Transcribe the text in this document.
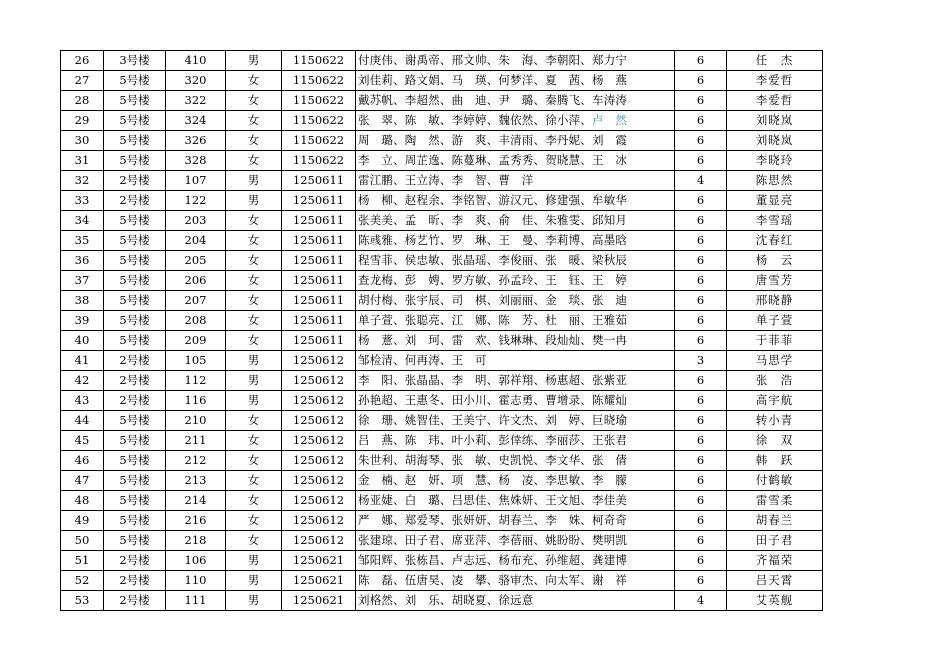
26	3号楼	410	男	1150622	付庚伟、谢禹帝、邢文帅、朱　海、李朝阳、郑力宁	6	任　杰
27	5号楼	320	女	1150622	刘佳莉、路文娟、马　瑛、何梦洋、夏　茜、杨　燕	6	李爱哲
28	5号楼	322	女	1150622	戴苏帆、李超然、曲　迪、尹　璐、秦腾飞、车涛涛	6	李爱哲
29	5号楼	324	女	1150622	张　翠、陈　敏、李婷婷、魏依然、徐小萍、卢　然	6	刘晓岚
30	5号楼	326	女	1150622	周　璐、陶　然、游　爽、丰清雨、李丹妮、刘　霞	6	刘晓岚
31	5号楼	328	女	1150622	李　立、周芷逸、陈蔓琳、孟秀秀、贺晓慧、王　冰	6	李晓玲
32	2号楼	107	男	1250611	雷江鹏、王立涛、李　智、曹　洋	4	陈思然
33	2号楼	122	男	1250611	杨　柳、赵程余、李铭智、游汉元、修建强、牟敏华	6	董显亮
34	5号楼	203	女	1250611	张美美、孟　昕、李　爽、俞　佳、朱雅雯、邱知月	6	李雪瑶
35	5号楼	204	女	1250611	陈彧雅、杨艺竹、罗　琳、王　曼、李莉博、高墨晗	6	沈春红
36	5号楼	205	女	1250611	程雪菲、侯忠敏、张晶瑶、李俊丽、张　暖、梁秋辰	6	杨　云
37	5号楼	206	女	1250611	查龙梅、彭　娉、罗方敏、孙孟玲、王　钰、王　婷	6	唐雪芳
38	5号楼	207	女	1250611	胡付梅、张宇辰、司　棋、刘丽丽、金　琰、张　迪	6	邢晓静
39	5号楼	208	女	1250611	单子萱、张聪亮、江　娜、陈　芳、杜　丽、王雅茹	6	单子萱
40	5号楼	209	女	1250611	杨　薏、刘　珂、雷　欢、钱琳琳、段灿灿、樊一冉	6	于菲菲
41	2号楼	105	男	1250612	邹检清、何再涛、王　可	3	马思学
42	2号楼	112	男	1250612	李　阳、张晶晶、李　明、郭祥翔、杨惠超、张紫亚	6	张　浩
43	2号楼	116	男	1250612	孙艳超、王惠冬、田小川、霍志勇、曹增录、陈耀灿	6	高宇航
44	5号楼	210	女	1250612	徐　珊、姚智佳、王美宁、许文杰、刘　婷、巨晓瑜	6	转小青
45	5号楼	211	女	1250612	吕　燕、陈　玮、叶小莉、彭倖练、李丽莎、王张君	6	徐　双
46	5号楼	212	女	1250612	朱世利、胡海琴、张　敏、史凯悦、李文华、张　倩	6	韩　跃
47	5号楼	213	女	1250612	金　楠、赵　妍、项　慧、杨　凌、李思敏、李　朦	6	付鹤敏
48	5号楼	214	女	1250612	杨亚婕、白　璐、吕思佳、焦姝妍、王文旭、李佳美	6	雷雪柔
49	5号楼	216	女	1250612	严　娜、郑爱琴、张妍妍、胡春兰、李　姝、柯奇奇	6	胡春兰
50	5号楼	218	女	1250612	张建琼、田子君、席亚萍、李蓓丽、姚盼盼、樊明凯	6	田子君
51	2号楼	106	男	1250621	邹阳辉、张栋昌、卢志远、杨布充、孙维超、龚建博	6	齐福荣
52	2号楼	110	男	1250621	陈　磊、伍唐昊、凌　攀、骆审杰、向太军、谢　祥	6	吕天霄
53	2号楼	111	男	1250621	刘格然、刘　乐、胡晓夏、徐远意	4	艾英舰
